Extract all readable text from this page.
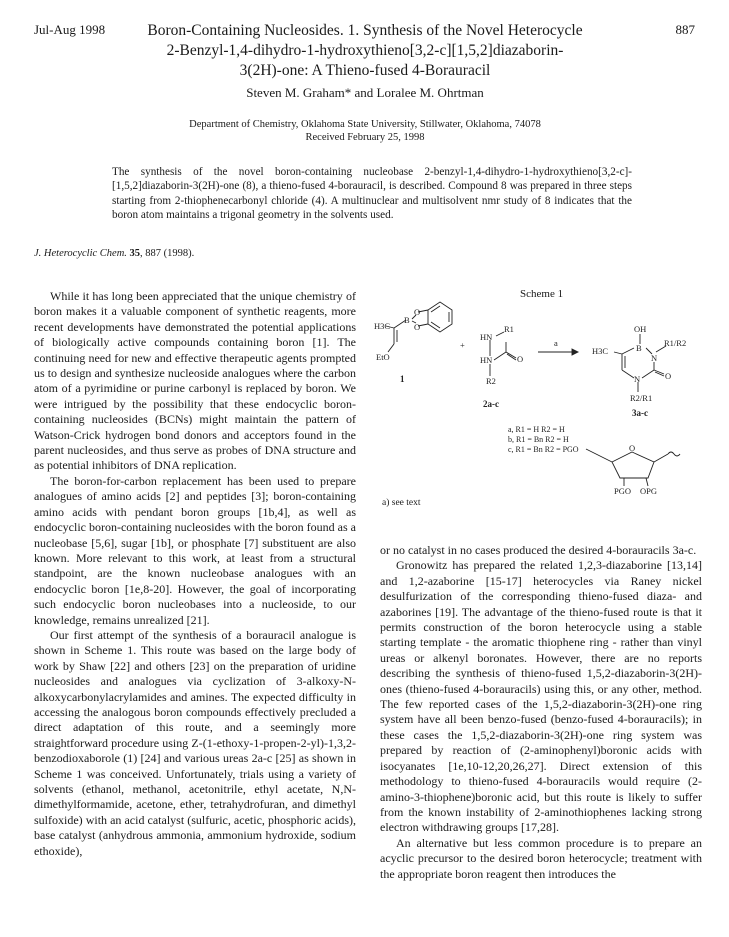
Jul-Aug 1998	887
Boron-Containing Nucleosides. 1. Synthesis of the Novel Heterocycle
2-Benzyl-1,4-dihydro-1-hydroxythieno[3,2-c][1,5,2]diazaborin-
3(2H)-one: A Thieno-fused 4-Borauracil
Steven M. Graham* and Loralee M. Ohrtman
Department of Chemistry, Oklahoma State University, Stillwater, Oklahoma, 74078
Received February 25, 1998
The synthesis of the novel boron-containing nucleobase 2-benzyl-1,4-dihydro-1-hydroxythieno[3,2-c]-[1,5,2]diazaborin-3(2H)-one (8), a thieno-fused 4-borauracil, is described. Compound 8 was prepared in three steps starting from 2-thiophenecarbonyl chloride (4). A multinuclear and multisolvent nmr study of 8 indicates that the boron atom maintains a trigonal geometry in the solvents used.
J. Heterocyclic Chem. 35, 887 (1998).

While it has long been appreciated that the unique chemistry of boron makes it a valuable component of synthetic reagents, more recent developments have demonstrated the potential applications of biologically active compounds containing boron [1]. The continuing need for new and effective therapeutic agents prompted us to design and synthesize nucleoside analogues where the carbon atom of a pyrimidine or purine carbonyl is replaced by boron. We were intrigued by the possibility that these endocyclic boron-containing nucleosides (BCNs) might maintain the pattern of Watson-Crick hydrogen bond donors and acceptors found in the parent nucleosides, and thus serve as probes of DNA structure and as potential inhibitors of DNA replication.

The boron-for-carbon replacement has been used to prepare analogues of amino acids [2] and peptides [3]; boron-containing amino acids with pendant boron groups [1b,4], as well as endocyclic boron-containing nucleosides with the boron found as a nucleobase [5,6], sugar [1b], or phosphate [7] substituent are also known. More relevant to this work, at least from a structural standpoint, are the known nucleobase analogues with an endocyclic boron [1e,8-20]. However, the goal of incorporating such endocyclic boron nucleobases into a nucleoside, to our knowledge, remains unrealized [21].

Our first attempt of the synthesis of a borauracil analogue is shown in Scheme 1. This route was based on the large body of work by Shaw [22] and others [23] on the preparation of uridine nucleosides and analogues via cyclization of 3-alkoxy-N-alkoxycarbonylacrylamides and amines. The expected difficulty in accessing the analogous boron compounds effectively precluded a direct adaptation of this route, and a seemingly more straightforward procedure using Z-(1-ethoxy-1-propen-2-yl)-1,3,2-benzodioxaborole (1) [24] and various ureas 2a-c [25] as shown in Scheme 1 was conceived. Unfortunately, trials using a variety of solvents (ethanol, methanol, acetonitrile, ethyl acetate, N,N-dimethylformamide, acetone, ether, tetrahydrofuran, and dimethyl sulfoxide) with an acid catalyst (sulfuric, acetic, phosphoric acids), base catalyst (anhydrous ammonia, ammonium hydroxide, sodium ethoxide),

Scheme 1
O
O
B
H3C
EtO
1
+
HN
R1
HN	O
R2
2a-c
a
OH
H3C	B
N
R1/R2
N	O
R2/R1
3a-c
a, R1 = H R2 = H
b, R1 = Bn R2 = H
c, R1 = Bn R2 = PGO	O
PGO OPG
a) see text

or no catalyst in no cases produced the desired 4-borauracils 3a-c.

Gronowitz has prepared the related 1,2,3-diazaborine [13,14] and 1,2-azaborine [15-17] heterocycles via Raney nickel desulfurization of the corresponding thieno-fused diaza- and azaborines [19]. The advantage of the thieno-fused route is that it permits construction of the boron heterocycle using a stable starting template - the aromatic thiophene ring - rather than vinyl ureas or alkenyl boronates. However, there are no reports describing the synthesis of thieno-fused 1,5,2-diazaborin-3(2H)-ones (thieno-fused 4-borauracils) using this, or any other, method. The few reported cases of the 1,5,2-diazaborin-3(2H)-one ring system have all been benzo-fused (benzo-fused 4-borauracils); in these cases the 1,5,2-diazaborin-3(2H)-one ring system was prepared by reaction of (2-aminophenyl)boronic acids with isocyanates [1e,10-12,20,26,27]. Direct extension of this methodology to thieno-fused 4-borauracils would require (2-amino-3-thiophene)boronic acid, but this route is likely to suffer from the known instability of 2-aminothiophenes lacking strong electron withdrawing groups [17,28].

An alternative but less common procedure is to prepare an acyclic precursor to the desired boron heterocycle; treatment with the appropriate boron reagent then introduces the
